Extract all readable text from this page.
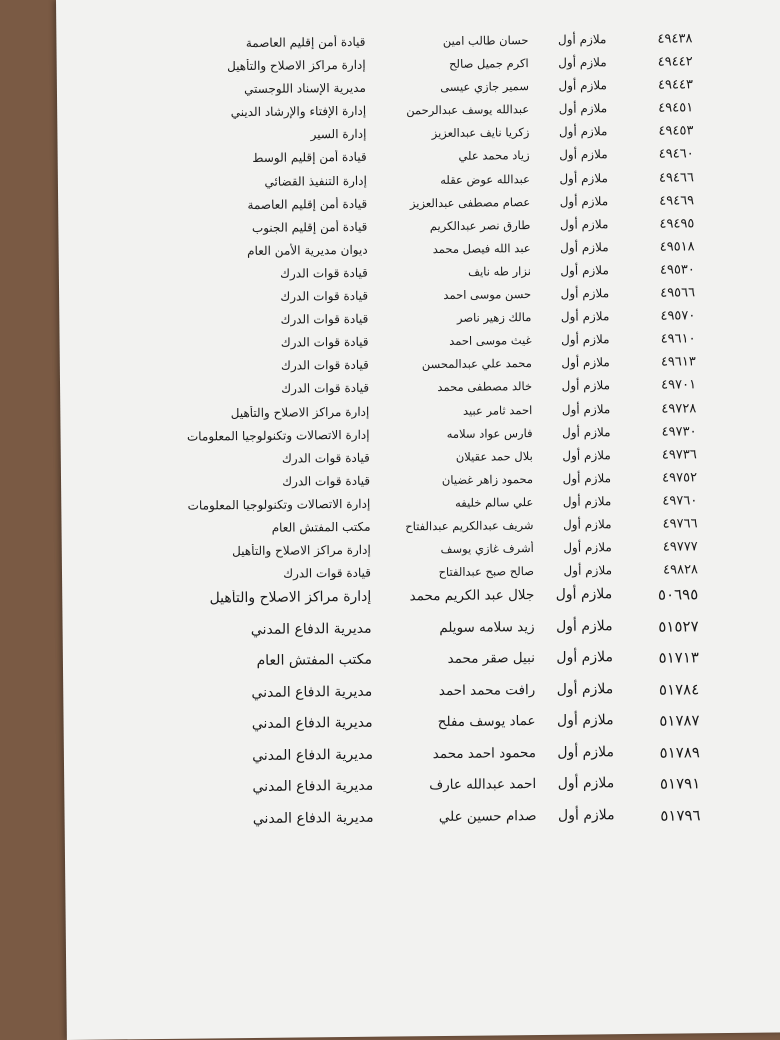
٤٩٤٣٨
ملازم أول
حسان طالب امين
قيادة أمن إقليم العاصمة
٤٩٤٤٢
ملازم أول
اكرم جميل صالح
إدارة مراكز الاصلاح والتأهيل
٤٩٤٤٣
ملازم أول
سمير جازي عيسى
مديرية الإسناد اللوجستي
٤٩٤٥١
ملازم أول
عبدالله يوسف عبدالرحمن
إدارة الإفتاء والإرشاد الديني
٤٩٤٥٣
ملازم أول
زكريا نايف عبدالعزيز
إدارة السير
٤٩٤٦٠
ملازم أول
زياد محمد علي
قيادة أمن إقليم الوسط
٤٩٤٦٦
ملازم أول
عبدالله عوض عقله
إدارة التنفيذ القضائي
٤٩٤٦٩
ملازم أول
عصام مصطفى عبدالعزيز
قيادة أمن إقليم العاصمة
٤٩٤٩٥
ملازم أول
طارق نصر عبدالكريم
قيادة أمن إقليم الجنوب
٤٩٥١٨
ملازم أول
عبد الله فيصل محمد
ديوان مديرية الأمن العام
٤٩٥٣٠
ملازم أول
نزار طه نايف
قيادة قوات الدرك
٤٩٥٦٦
ملازم أول
حسن موسى احمد
قيادة قوات الدرك
٤٩٥٧٠
ملازم أول
مالك زهير ناصر
قيادة قوات الدرك
٤٩٦١٠
ملازم أول
غيث موسى احمد
قيادة قوات الدرك
٤٩٦١٣
ملازم أول
محمد علي عبدالمحسن
قيادة قوات الدرك
٤٩٧٠١
ملازم أول
خالد مصطفى محمد
قيادة قوات الدرك
٤٩٧٢٨
ملازم أول
احمد ثامر عبيد
إدارة مراكز الاصلاح والتأهيل
٤٩٧٣٠
ملازم أول
فارس عواد سلامه
إدارة الاتصالات وتكنولوجيا المعلومات
٤٩٧٣٦
ملازم أول
بلال حمد عقيلان
قيادة قوات الدرك
٤٩٧٥٢
ملازم أول
محمود زاهر غضيان
قيادة قوات الدرك
٤٩٧٦٠
ملازم أول
علي سالم خليفه
إدارة الاتصالات وتكنولوجيا المعلومات
٤٩٧٦٦
ملازم أول
شريف عبدالكريم عبدالفتاح
مكتب المفتش العام
٤٩٧٧٧
ملازم أول
أشرف غازي يوسف
إدارة مراكز الاصلاح والتأهيل
٤٩٨٢٨
ملازم أول
صالح صبح عبدالفتاح
قيادة قوات الدرك
٥٠٦٩٥
ملازم أول
جلال عبد الكريم محمد
إدارة مراكز الاصلاح والتأهيل
٥١٥٢٧
ملازم أول
زيد سلامه سويلم
مديرية الدفاع المدني
٥١٧١٣
ملازم أول
نبيل صقر محمد
مكتب المفتش العام
٥١٧٨٤
ملازم أول
رافت محمد احمد
مديرية الدفاع المدني
٥١٧٨٧
ملازم أول
عماد يوسف مفلح
مديرية الدفاع المدني
٥١٧٨٩
ملازم أول
محمود احمد محمد
مديرية الدفاع المدني
٥١٧٩١
ملازم أول
احمد عبدالله عارف
مديرية الدفاع المدني
٥١٧٩٦
ملازم أول
صدام حسين علي
مديرية الدفاع المدني
